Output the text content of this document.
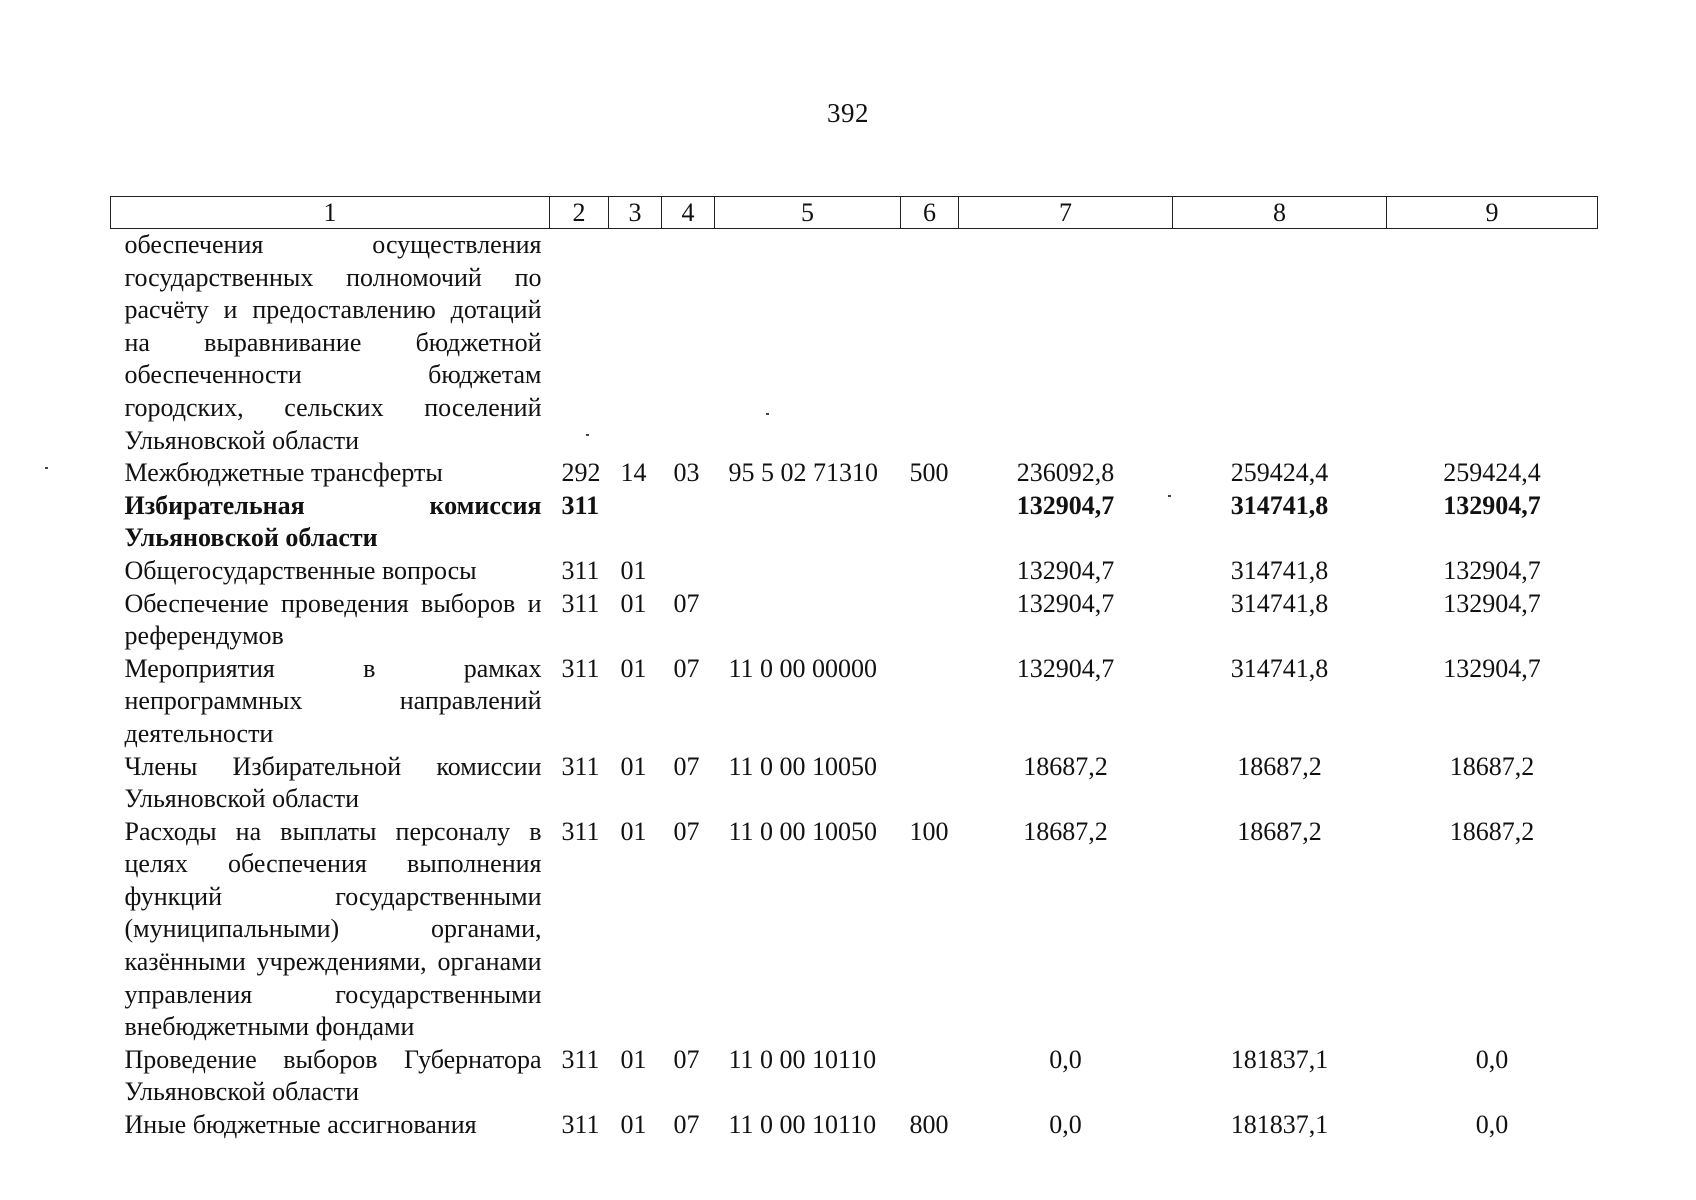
392
1	2	3	4	5	6	7	8	9
обеспечения осуществления государственных полномочий по расчёту и предоставлению дотаций на выравнивание бюджетной обеспеченности бюджетам городских, сельских поселений Ульяновской области								
Межбюджетные трансферты	292	14	03	95 5 02 71310	500	236092,8	259424,4	259424,4
Избирательная комиссия Ульяновской области	311					132904,7	314741,8	132904,7
Общегосударственные вопросы	311	01				132904,7	314741,8	132904,7
Обеспечение проведения выборов и референдумов	311	01	07			132904,7	314741,8	132904,7
Мероприятия в рамках непрограммных направлений деятельности	311	01	07	11 0 00 00000		132904,7	314741,8	132904,7
Члены Избирательной комиссии Ульяновской области	311	01	07	11 0 00 10050		18687,2	18687,2	18687,2
Расходы на выплаты персоналу в целях обеспечения выполнения функций государственными (муниципальными) органами, казёнными учреждениями, органами управления государственными внебюджетными фондами	311	01	07	11 0 00 10050	100	18687,2	18687,2	18687,2
Проведение выборов Губернатора Ульяновской области	311	01	07	11 0 00 10110		0,0	181837,1	0,0
Иные бюджетные ассигнования	311	01	07	11 0 00 10110	800	0,0	181837,1	0,0
